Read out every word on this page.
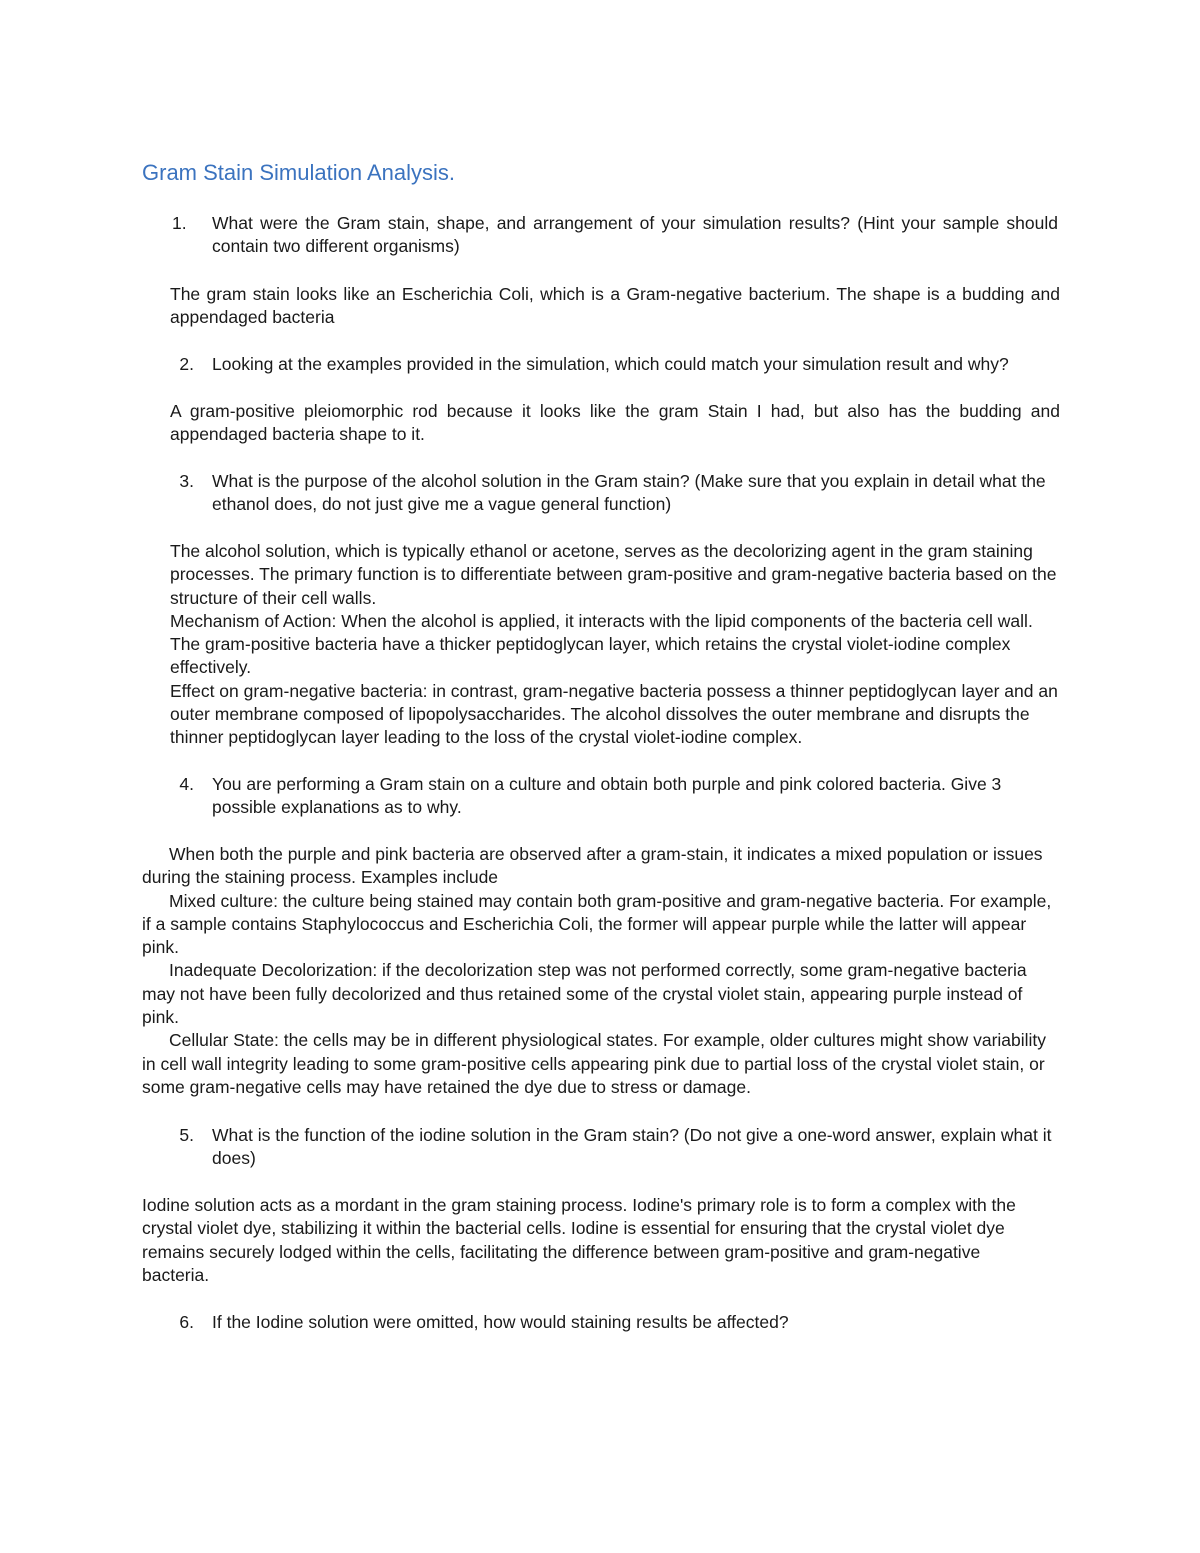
Gram Stain Simulation Analysis.
1.	What were the Gram stain, shape, and arrangement of your simulation results? (Hint your sample should contain two different organisms)

The gram stain looks like an Escherichia Coli, which is a Gram-negative bacterium. The shape is a budding and appendaged bacteria

2. Looking at the examples provided in the simulation, which could match your simulation result and why?

A gram-positive pleiomorphic rod because it looks like the gram Stain I had, but also has the budding and appendaged bacteria shape to it.

3. What is the purpose of the alcohol solution in the Gram stain? (Make sure that you explain in detail what the ethanol does, do not just give me a vague general function)

The alcohol solution, which is typically ethanol or acetone, serves as the decolorizing agent in the gram staining processes. The primary function is to differentiate between gram-positive and gram-negative bacteria based on the structure of their cell walls.

Mechanism of Action: When the alcohol is applied, it interacts with the lipid components of the bacteria cell wall. The gram-positive bacteria have a thicker peptidoglycan layer, which retains the crystal violet-iodine complex effectively.

Effect on gram-negative bacteria: in contrast, gram-negative bacteria possess a thinner peptidoglycan layer and an outer membrane composed of lipopolysaccharides. The alcohol dissolves the outer membrane and disrupts the thinner peptidoglycan layer leading to the loss of the crystal violet-iodine complex.

4. You are performing a Gram stain on a culture and obtain both purple and pink colored bacteria. Give 3 possible explanations as to why.

When both the purple and pink bacteria are observed after a gram-stain, it indicates a mixed population or issues during the staining process. Examples include

Mixed culture: the culture being stained may contain both gram-positive and gram-negative bacteria. For example, if a sample contains Staphylococcus and Escherichia Coli, the former will appear purple while the latter will appear pink.

Inadequate Decolorization: if the decolorization step was not performed correctly, some gram-negative bacteria may not have been fully decolorized and thus retained some of the crystal violet stain, appearing purple instead of pink.

Cellular State: the cells may be in different physiological states. For example, older cultures might show variability in cell wall integrity leading to some gram-positive cells appearing pink due to partial loss of the crystal violet stain, or some gram-negative cells may have retained the dye due to stress or damage.

5. What is the function of the iodine solution in the Gram stain? (Do not give a one-word answer, explain what it does)

Iodine solution acts as a mordant in the gram staining process. Iodine's primary role is to form a complex with the crystal violet dye, stabilizing it within the bacterial cells. Iodine is essential for ensuring that the crystal violet dye remains securely lodged within the cells, facilitating the difference between gram-positive and gram-negative bacteria.

6. If the Iodine solution were omitted, how would staining results be affected?
